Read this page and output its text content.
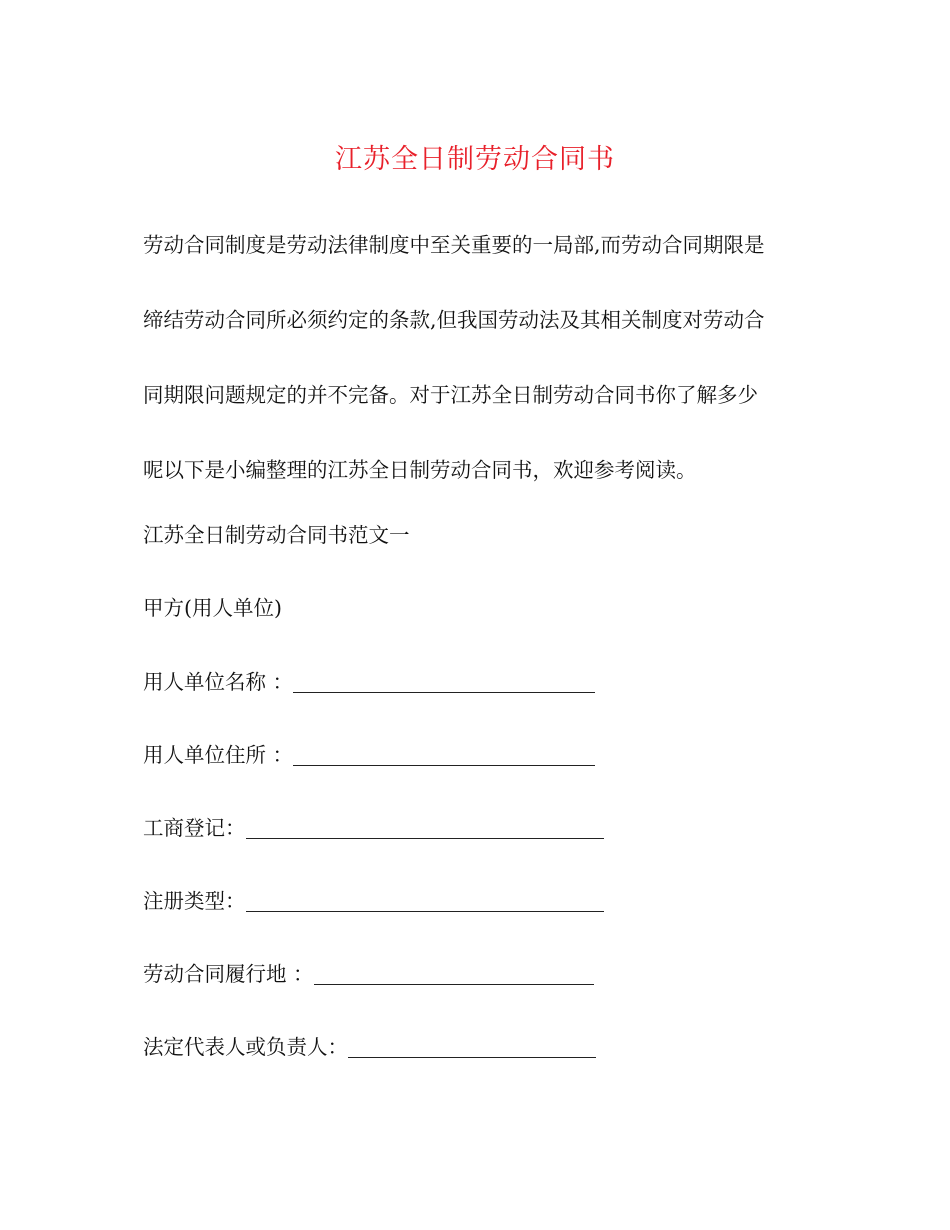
江苏全日制劳动合同书
劳动合同制度是劳动法律制度中至关重要的一局部,而劳动合同期限是
缔结劳动合同所必须约定的条款,但我国劳动法及其相关制度对劳动合
同期限问题规定的并不完备。对于江苏全日制劳动合同书你了解多少
呢以下是小编整理的江苏全日制劳动合同书，欢迎参考阅读。
江苏全日制劳动合同书范文一
甲方(用人单位)
用人单位名称 ：
用人单位住所 ：
工商登记：
注册类型：
劳动合同履行地 ：
法定代表人或负责人：
